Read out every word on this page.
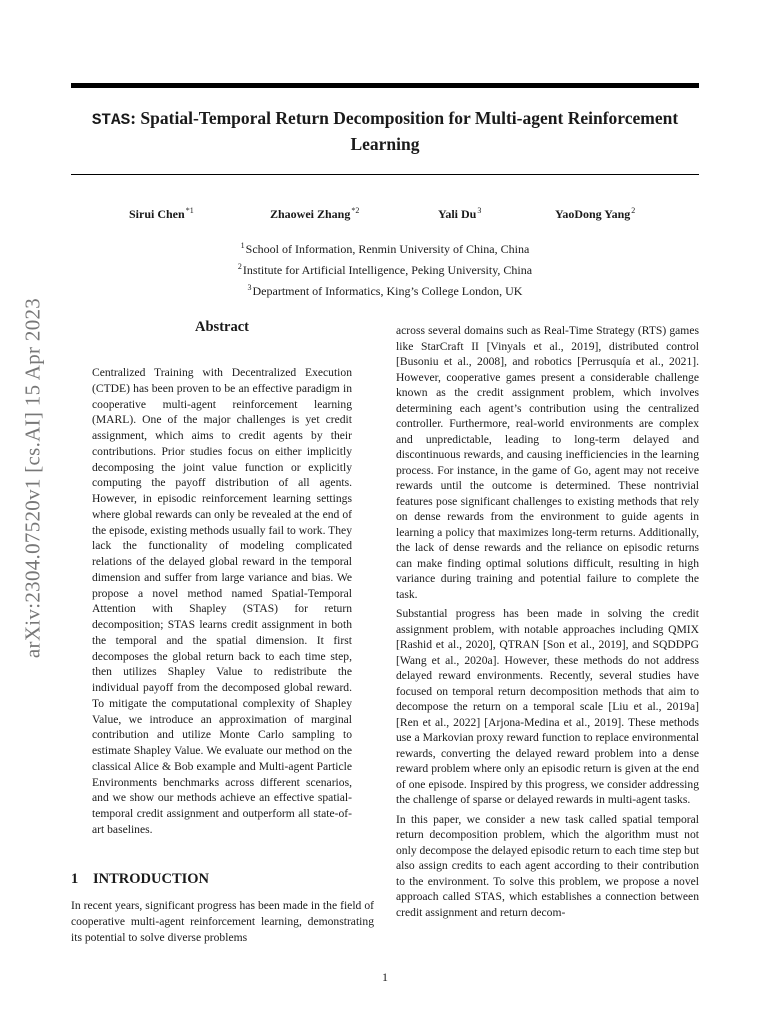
STAS: Spatial-Temporal Return Decomposition for Multi-agent Reinforcement Learning
Sirui Chen$^{*1}$	Zhaowei Zhang$^{*2}$	Yali Du$^3$	YaoDong Yang$^2$
$^1$School of Information, Renmin University of China, China
$^2$Institute for Artificial Intelligence, Peking University, China
$^3$Department of Informatics, King’s College London, UK
arXiv:2304.07520v1 [cs.AI] 15 Apr 2023	Abstract

Centralized Training with Decentralized Execution (CTDE) has been proven to be an effective paradigm in cooperative multi-agent reinforcement learning (MARL). One of the major challenges is yet credit assignment, which aims to credit agents by their contributions. Prior studies focus on either implicitly decomposing the joint value function or explicitly computing the payoff distribution of all agents. However, in episodic reinforcement learning settings where global rewards can only be revealed at the end of the episode, existing methods usually fail to work. They lack the functionality of modeling complicated relations of the delayed global reward in the temporal dimension and suffer from large variance and bias. We propose a novel method named Spatial-Temporal Attention with Shapley (STAS) for return decomposition; STAS learns credit assignment in both the temporal and the spatial dimension. It first decomposes the global return back to each time step, then utilizes Shapley Value to redistribute the individual payoff from the decomposed global reward. To mitigate the computational complexity of Shapley Value, we introduce an approximation of marginal contribution and utilize Monte Carlo sampling to estimate Shapley Value. We evaluate our method on the classical Alice & Bob example and Multi-agent Particle Environments benchmarks across different scenarios, and we show our methods achieve an effective spatial-temporal credit assignment and outperform all state-of-art baselines.

1 INTRODUCTION

In recent years, significant progress has been made in the field of cooperative multi-agent reinforcement learning, demonstrating its potential to solve diverse problems

across several domains such as Real-Time Strategy (RTS) games like StarCraft II [Vinyals et al., 2019], distributed control [Busoniu et al., 2008], and robotics [Perrusquía et al., 2021]. However, cooperative games present a considerable challenge known as the credit assignment problem, which involves determining each agent’s contribution using the centralized controller. Furthermore, real-world environments are complex and unpredictable, leading to long-term delayed and discontinuous rewards, and causing inefficiencies in the learning process. For instance, in the game of Go, agent may not receive rewards until the outcome is determined. These nontrivial features pose significant challenges to existing methods that rely on dense rewards from the environment to guide agents in learning a policy that maximizes long-term returns. Additionally, the lack of dense rewards and the reliance on episodic returns can make finding optimal solutions difficult, resulting in high variance during training and potential failure to complete the task.

Substantial progress has been made in solving the credit assignment problem, with notable approaches including QMIX [Rashid et al., 2020], QTRAN [Son et al., 2019], and SQDDPG [Wang et al., 2020a]. However, these methods do not address delayed reward environments. Recently, several studies have focused on temporal return decomposition methods that aim to decompose the return on a temporal scale [Liu et al., 2019a] [Ren et al., 2022] [Arjona-Medina et al., 2019]. These methods use a Markovian proxy reward function to replace environmental rewards, converting the delayed reward problem into a dense reward problem where only an episodic return is given at the end of one episode. Inspired by this progress, we consider addressing the challenge of sparse or delayed rewards in multi-agent tasks.

In this paper, we consider a new task called spatial temporal return decomposition problem, which the algorithm must not only decompose the delayed episodic return to each time step but also assign credits to each agent according to their contribution to the environment. To solve this problem, we propose a novel approach called STAS, which establishes a connection between credit assignment and return decom-

1
